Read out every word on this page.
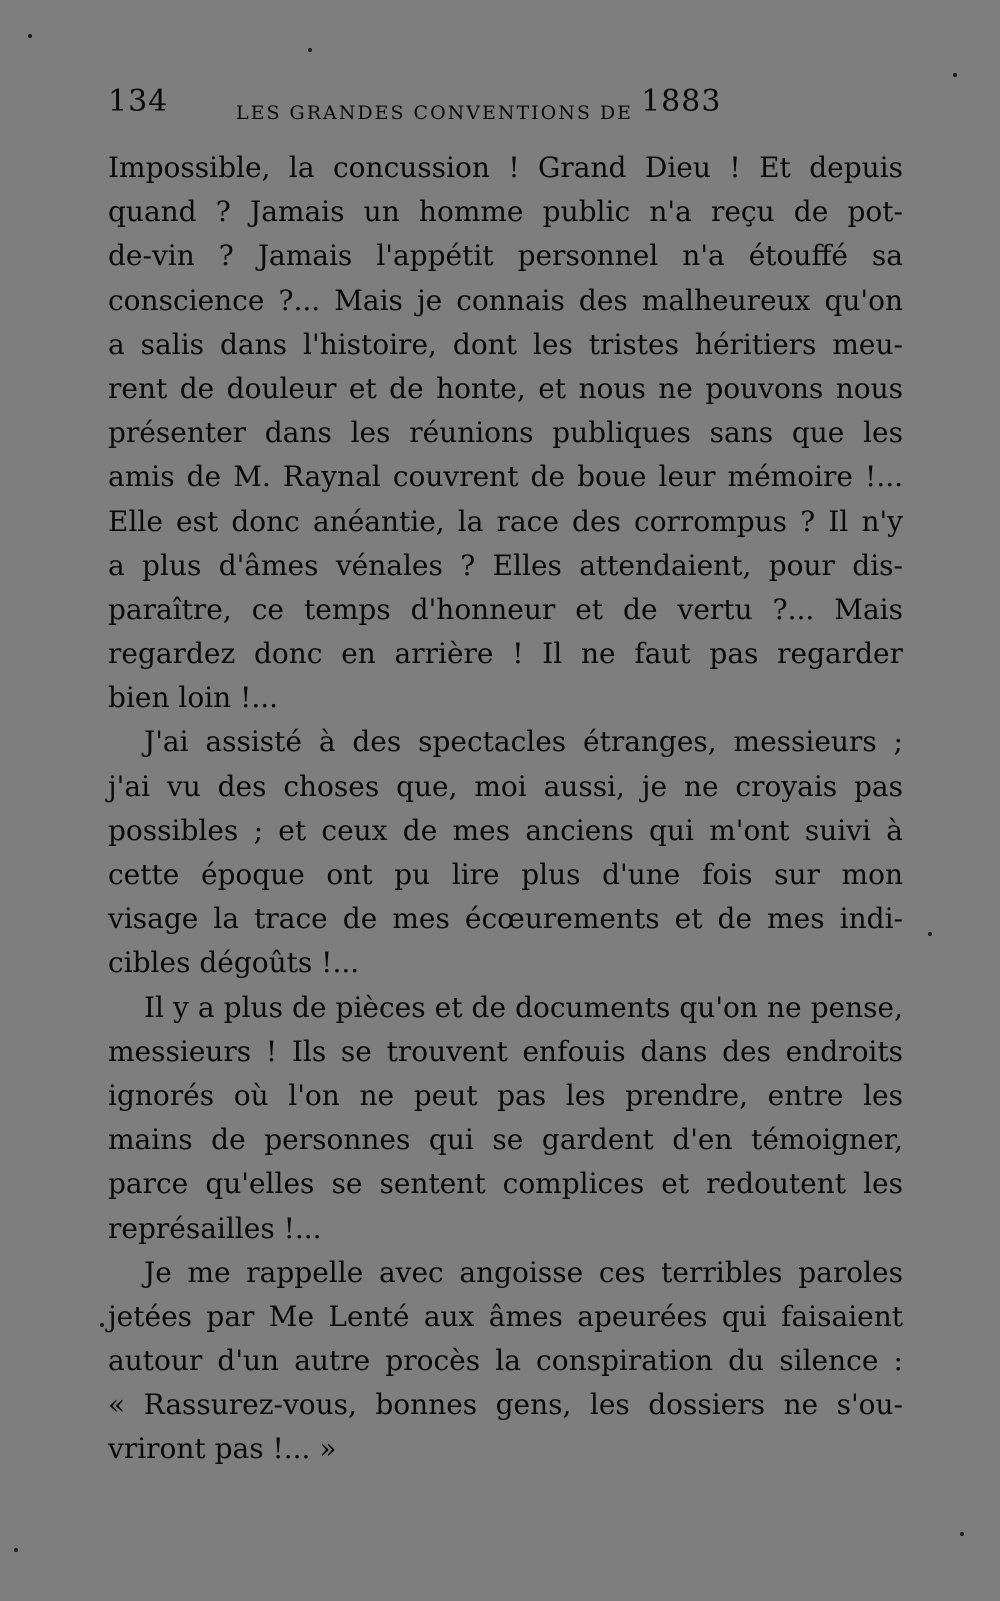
134	LES GRANDES CONVENTIONS DE 1883
Impossible, la concussion ! Grand Dieu ! Et depuis
quand ? Jamais un homme public n'a reçu de pot-
de-vin ? Jamais l'appétit personnel n'a étouffé sa
conscience ?... Mais je connais des malheureux qu'on
a salis dans l'histoire, dont les tristes héritiers meu-
rent de douleur et de honte, et nous ne pouvons nous
présenter dans les réunions publiques sans que les
amis de M. Raynal couvrent de boue leur mémoire !...
Elle est donc anéantie, la race des corrompus ? Il n'y
a plus d'âmes vénales ? Elles attendaient, pour dis-
paraître, ce temps d'honneur et de vertu ?... Mais
regardez donc en arrière ! Il ne faut pas regarder
bien loin !...
J'ai assisté à des spectacles étranges, messieurs ;
j'ai vu des choses que, moi aussi, je ne croyais pas
possibles ; et ceux de mes anciens qui m'ont suivi à
cette époque ont pu lire plus d'une fois sur mon
visage la trace de mes écœurements et de mes indi-
cibles dégoûts !...
Il y a plus de pièces et de documents qu'on ne pense,
messieurs ! Ils se trouvent enfouis dans des endroits
ignorés où l'on ne peut pas les prendre, entre les
mains de personnes qui se gardent d'en témoigner,
parce qu'elles se sentent complices et redoutent les
représailles !...
Je me rappelle avec angoisse ces terribles paroles
jetées par Me Lenté aux âmes apeurées qui faisaient
autour d'un autre procès la conspiration du silence :
« Rassurez-vous, bonnes gens, les dossiers ne s'ou-
vriront pas !... »
